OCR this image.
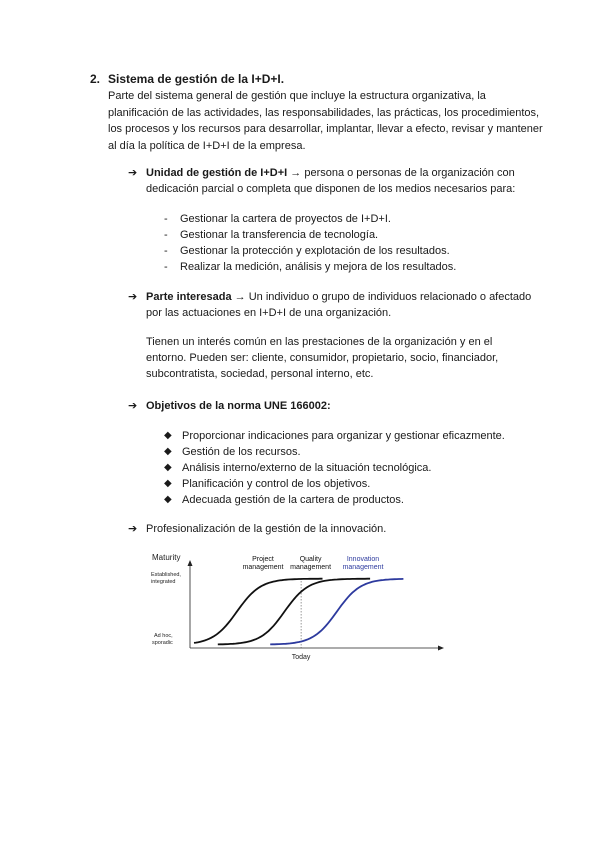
2. Sistema de gestión de la I+D+I.
Parte del sistema general de gestión que incluye la estructura organizativa, la planificación de las actividades, las responsabilidades, las prácticas, los procedimientos, los procesos y los recursos para desarrollar, implantar, llevar a efecto, revisar y mantener al día la política de I+D+I de la empresa.
➔ Unidad de gestión de I+D+I → persona o personas de la organización con dedicación parcial o completa que disponen de los medios necesarios para:
- Gestionar la cartera de proyectos de I+D+I.
- Gestionar la transferencia de tecnología.
- Gestionar la protección y explotación de los resultados.
- Realizar la medición, análisis y mejora de los resultados.
➔ Parte interesada → Un individuo o grupo de individuos relacionado o afectado por las actuaciones en I+D+I de una organización.
Tienen un interés común en las prestaciones de la organización y en el entorno. Pueden ser: cliente, consumidor, propietario, socio, financiador, subcontratista, sociedad, personal interno, etc.
➔ Objetivos de la norma UNE 166002:
◆ Proporcionar indicaciones para organizar y gestionar eficazmente.
◆ Gestión de los recursos.
◆ Análisis interno/externo de la situación tecnológica.
◆ Planificación y control de los objetivos.
◆ Adecuada gestión de la cartera de productos.
➔ Profesionalización de la gestión de la innovación.
Maturity
Established,
integrated
Ad hoc,
sporadic
Today
Project
management
Quality
management
Innovation
management
